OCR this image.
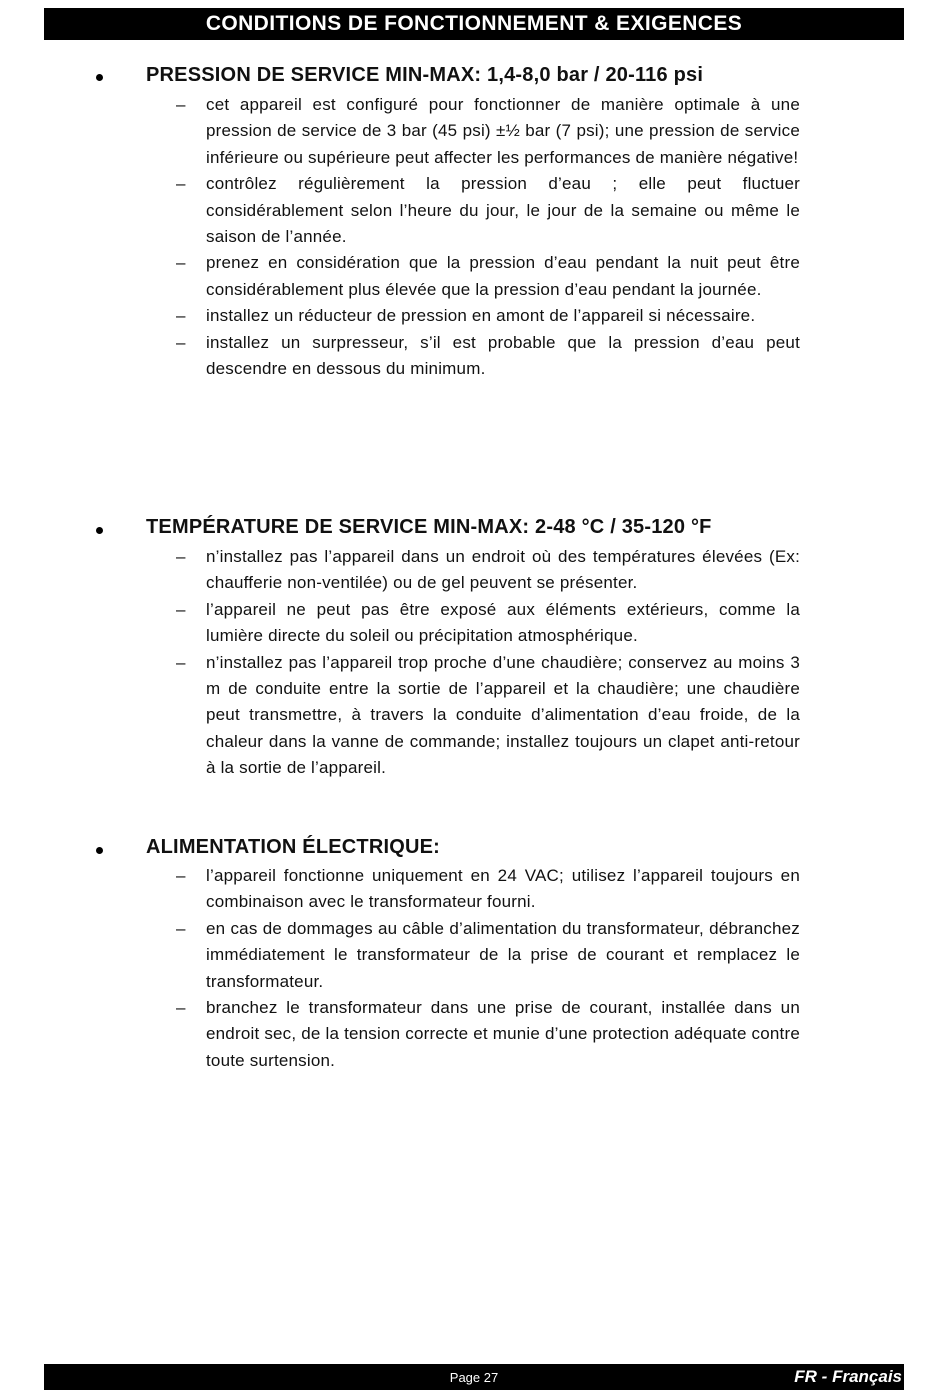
CONDITIONS DE FONCTIONNEMENT & EXIGENCES
PRESSION DE SERVICE MIN-MAX: 1,4-8,0 bar / 20-116 psi
– cet appareil est configuré pour fonctionner de manière optimale à une pression de service de 3 bar (45 psi) ±½ bar (7 psi); une pression de service inférieure ou supérieure peut affecter les performances de manière négative!
– contrôlez régulièrement la pression d’eau ; elle peut fluctuer considérablement selon l’heure du jour, le jour de la semaine ou même le saison de l’année.
– prenez en considération que la pression d’eau pendant la nuit peut être considérablement plus élevée que la pression d’eau pendant la journée.
– installez un réducteur de pression en amont de l’appareil si nécessaire.
– installez un surpresseur, s’il est probable que la pression d’eau peut descendre en dessous du minimum.
TEMPÉRATURE DE SERVICE MIN-MAX: 2-48 °C / 35-120 °F
– n’installez pas l’appareil dans un endroit où des températures élevées (Ex: chaufferie non-ventilée) ou de gel peuvent se présenter.
– l’appareil ne peut pas être exposé aux éléments extérieurs, comme la lumière directe du soleil ou précipitation atmosphérique.
– n’installez pas l’appareil trop proche d’une chaudière; conservez au moins 3 m de conduite entre la sortie de l’appareil et la chaudière; une chaudière peut transmettre, à travers la conduite d’alimentation d’eau froide, de la chaleur dans la vanne de commande; installez toujours un clapet anti-retour à la sortie de l’appareil.
ALIMENTATION ÉLECTRIQUE:
– l’appareil fonctionne uniquement en 24 VAC; utilisez l’appareil toujours en combinaison avec le transformateur fourni.
– en cas de dommages au câble d’alimentation du transformateur, débranchez immédiatement le transformateur de la prise de courant et remplacez le transformateur.
– branchez le transformateur dans une prise de courant, installée dans un endroit sec, de la tension correcte et munie d’une protection adéquate contre toute surtension.
Page 27	FR - Français
